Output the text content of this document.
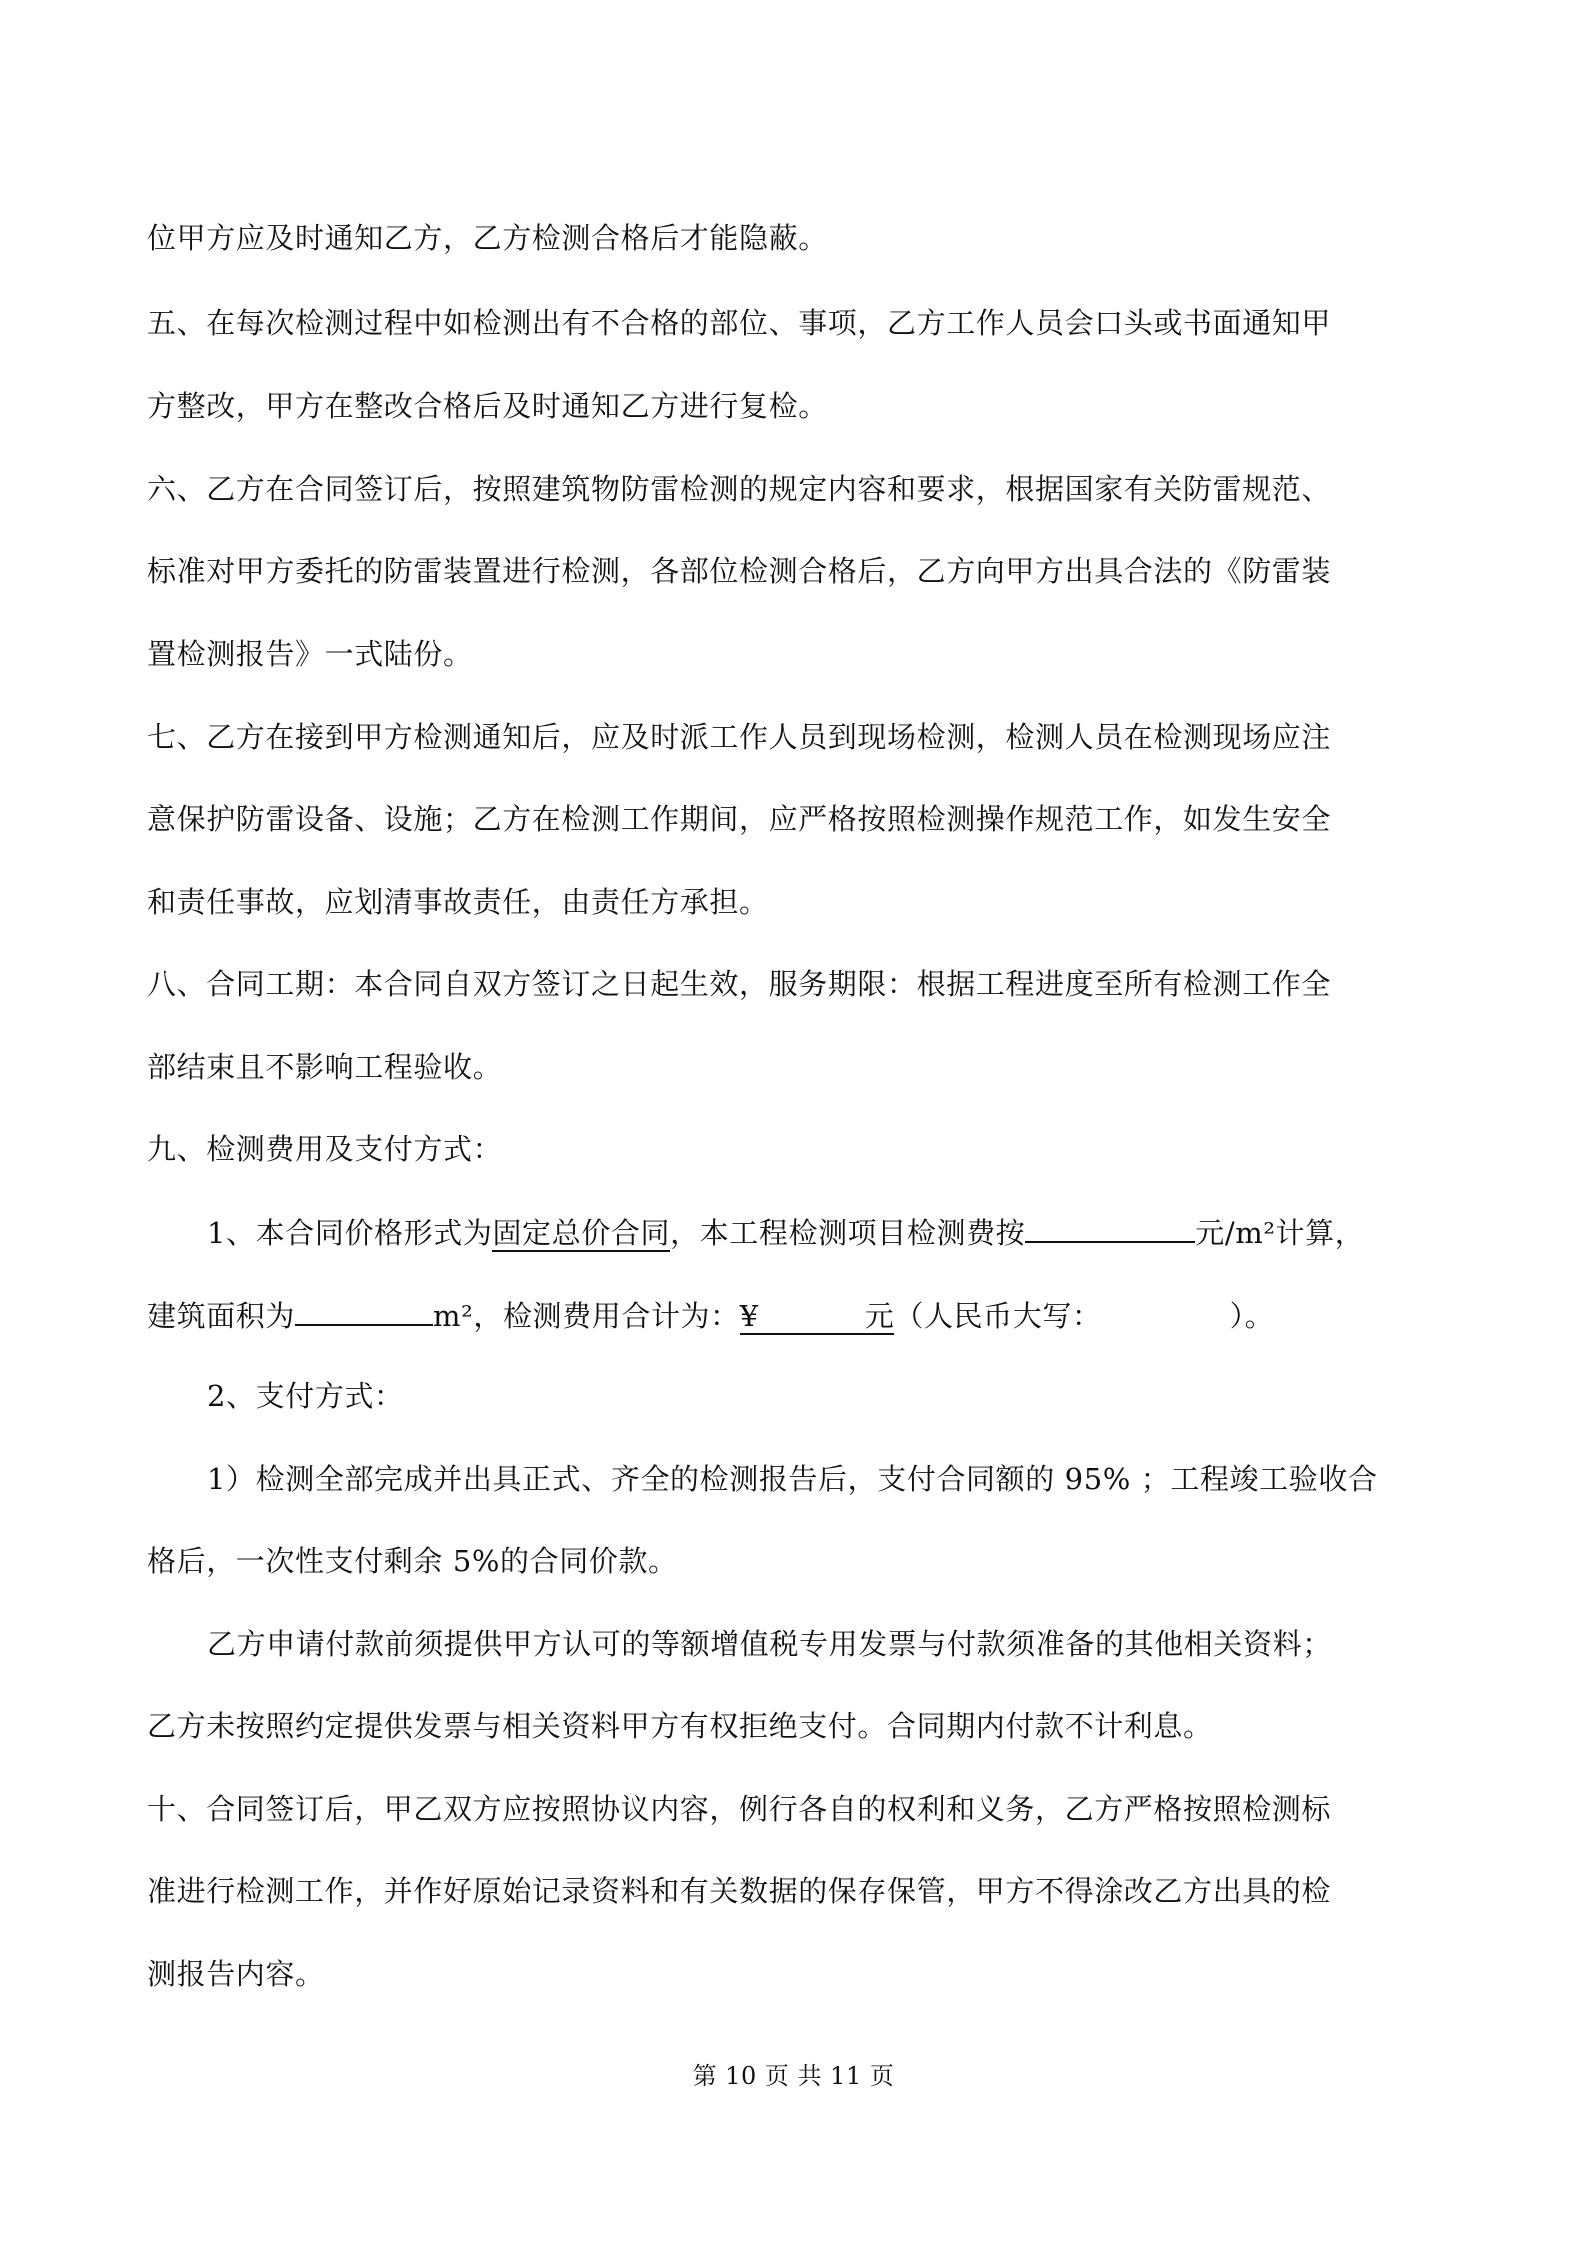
位甲方应及时通知乙方，乙方检测合格后才能隐蔽。
五、在每次检测过程中如检测出有不合格的部位、事项，乙方工作人员会口头或书面通知甲
方整改，甲方在整改合格后及时通知乙方进行复检。
六、乙方在合同签订后，按照建筑物防雷检测的规定内容和要求，根据国家有关防雷规范、
标准对甲方委托的防雷装置进行检测，各部位检测合格后，乙方向甲方出具合法的《防雷装
置检测报告》一式陆份。
七、乙方在接到甲方检测通知后，应及时派工作人员到现场检测，检测人员在检测现场应注
意保护防雷设备、设施；乙方在检测工作期间，应严格按照检测操作规范工作，如发生安全
和责任事故，应划清事故责任，由责任方承担。
八、合同工期：本合同自双方签订之日起生效，服务期限：根据工程进度至所有检测工作全
部结束且不影响工程验收。
九、检测费用及支付方式：
1、本合同价格形式为固定总价合同，本工程检测项目检测费按	元/m²计算，
建筑面积为	m²，检测费用合计为：¥	元（人民币大写：	）。
2、支付方式：
1）检测全部完成并出具正式、齐全的检测报告后，支付合同额的 95% ；工程竣工验收合
格后，一次性支付剩余 5%的合同价款。
乙方申请付款前须提供甲方认可的等额增值税专用发票与付款须准备的其他相关资料；
乙方未按照约定提供发票与相关资料甲方有权拒绝支付。合同期内付款不计利息。
十、合同签订后，甲乙双方应按照协议内容，例行各自的权利和义务，乙方严格按照检测标
准进行检测工作，并作好原始记录资料和有关数据的保存保管，甲方不得涂改乙方出具的检
测报告内容。
第 10 页 共 11 页
